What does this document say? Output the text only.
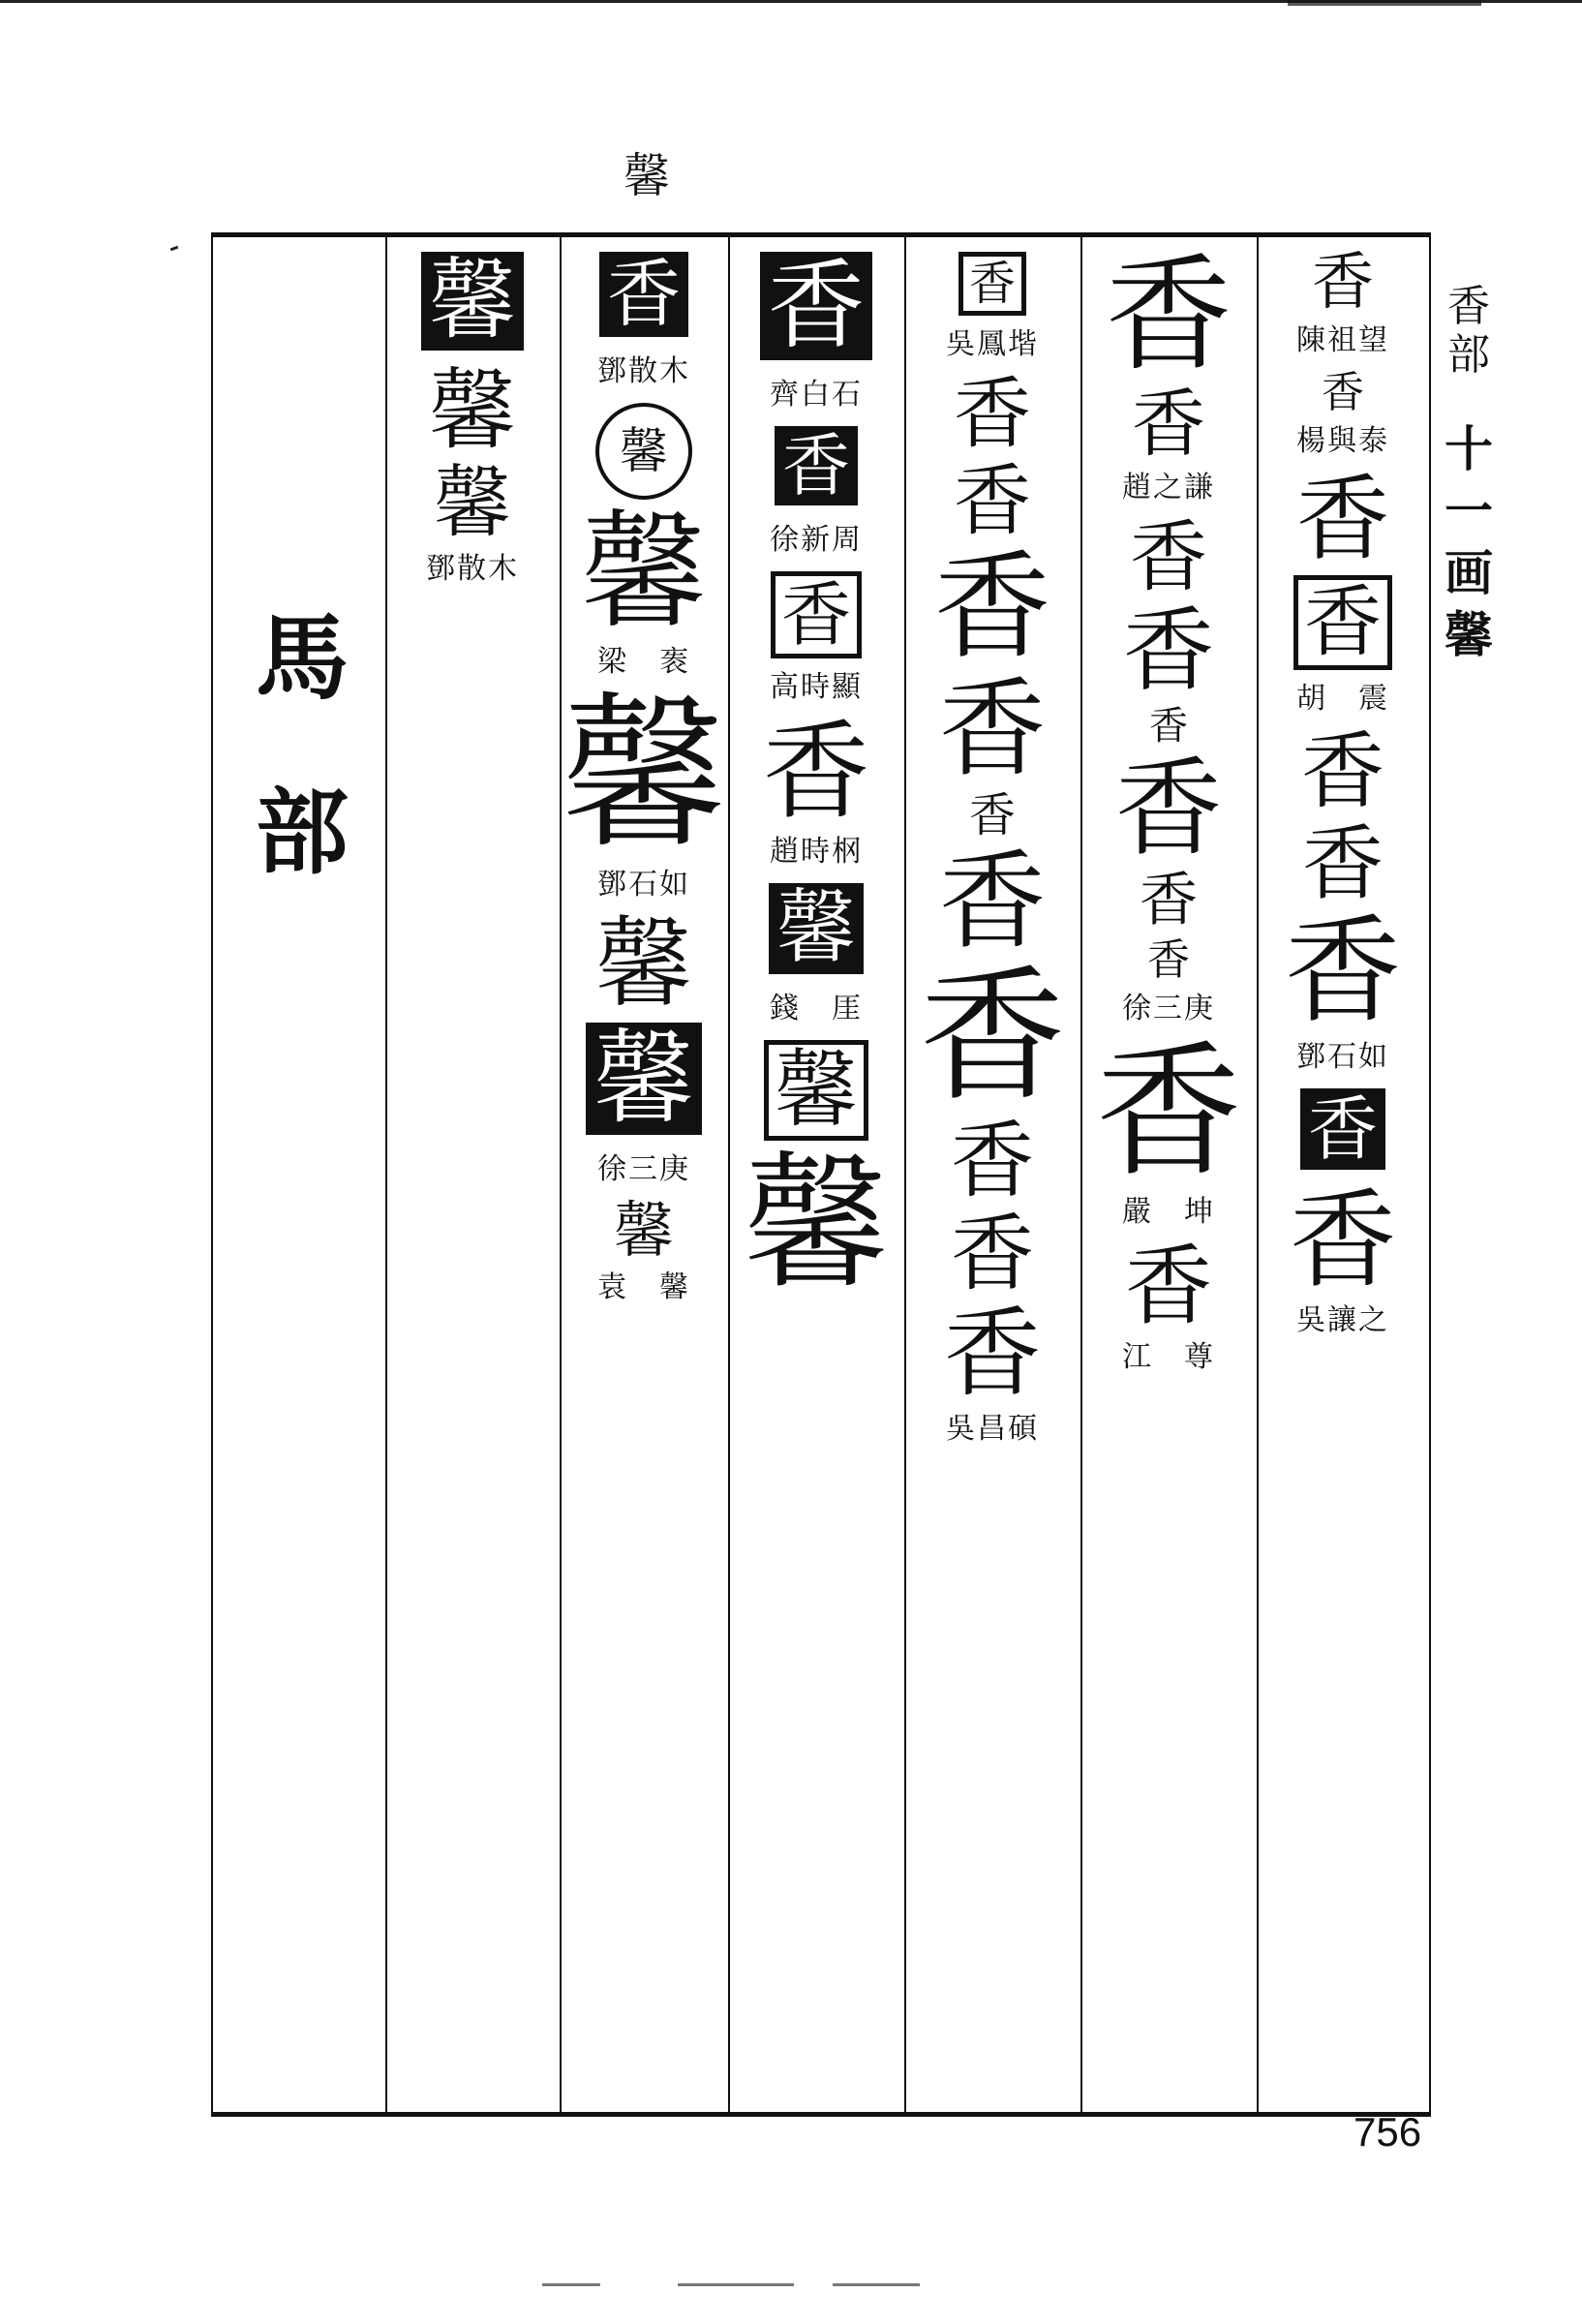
馨
馬
部
香
部
十
一
画
馨
香
陳祖望
香
楊與泰
香
香
胡　震
香
香
香
鄧石如
香
香
吳讓之
香
香
趙之謙
香
香
香
香
香
香
徐三庚
香
嚴　坤
香
江　尊
香
吳鳳堦
香
香
香
香
香
香
香
香
香
香
吳昌碩
香
齊白石
香
徐新周
香
高時顯
香
趙時㭎
馨
錢　厓
馨
馨
香
鄧散木
馨
馨
梁　袠
馨
鄧石如
馨
馨
徐三庚
馨
袁　馨
馨
馨
馨
鄧散木
756
